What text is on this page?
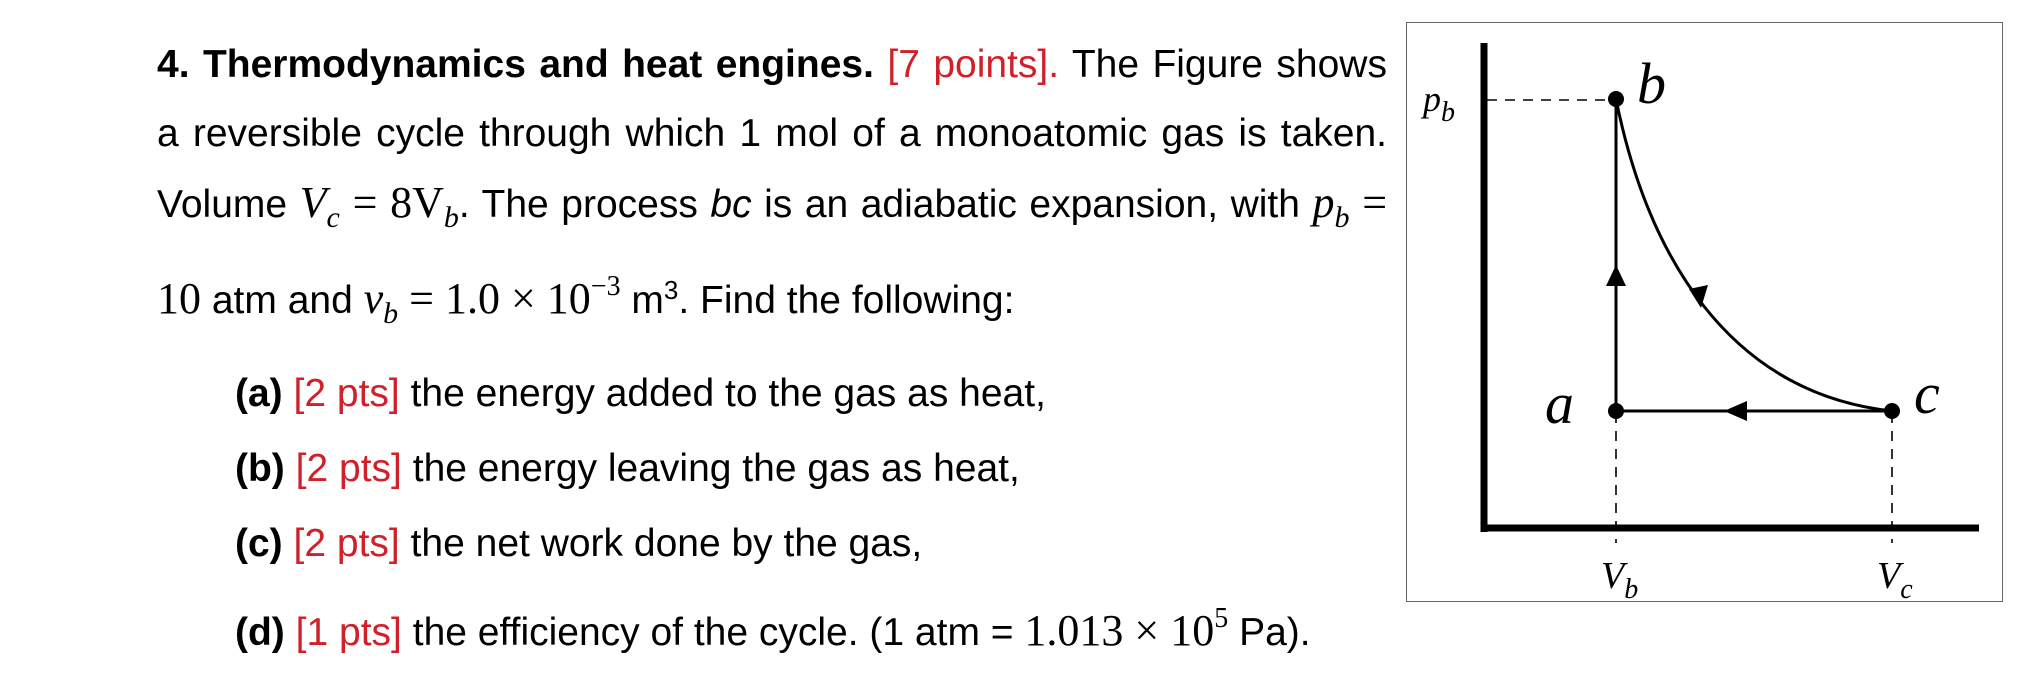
4. Thermodynamics and heat engines. [7 points]. The Figure shows a reversible cycle through which 1 mol of a monoatomic gas is taken. Volume $V_c = 8V_b$. The process bc is an adiabatic expansion, with $p_b = 10$ atm and $v_b = 1.0 \times 10^{-3}$ $m^3$. Find the following:
(a) [2 pts] the energy added to the gas as heat,
(b) [2 pts] the energy leaving the gas as heat,
(c) [2 pts] the net work done by the gas,
(d) [1 pts] the efficiency of the cycle. (1 atm = $1.013 \times 10^5$ Pa).
$p_b$	b
a	c
$V_b$	$V_c$
